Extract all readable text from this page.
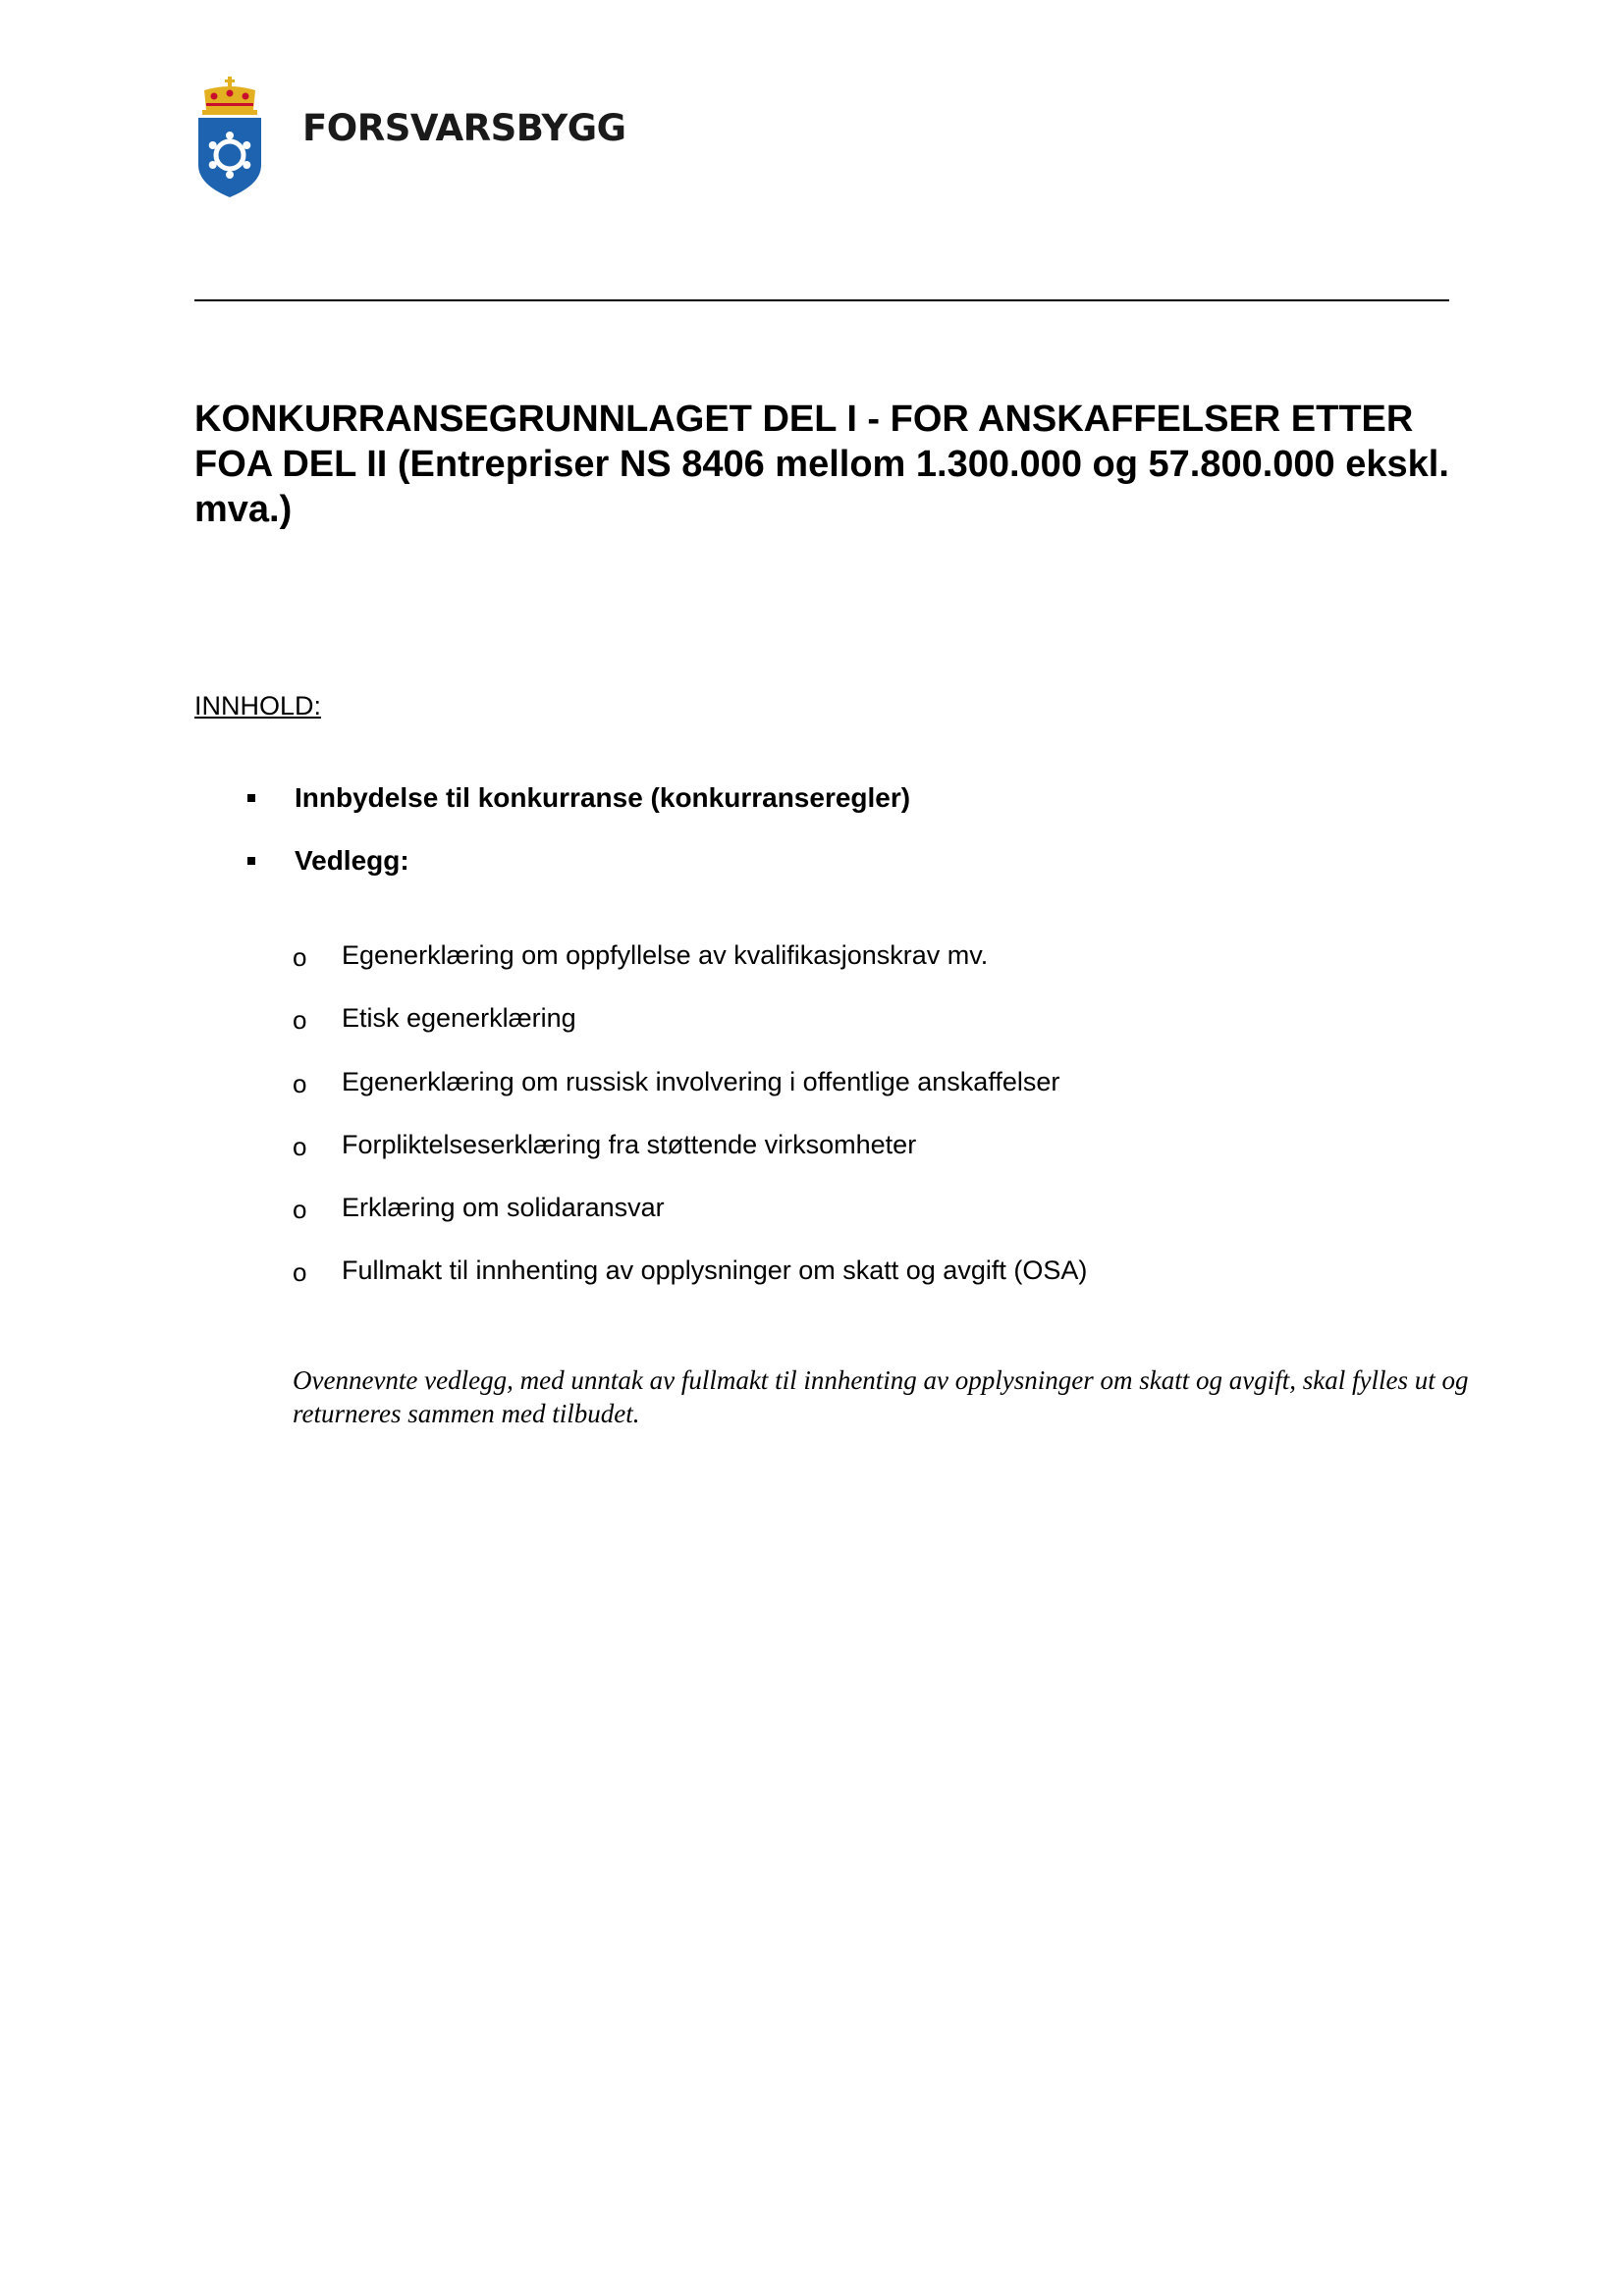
FORSVARSBYGG
KONKURRANSEGRUNNLAGET DEL I - FOR ANSKAFFELSER ETTER FOA DEL II (Entrepriser NS 8406 mellom 1.300.000 og 57.800.000 ekskl. mva.)
INNHOLD:
Innbydelse til konkurranse (konkurranseregler)
Vedlegg:
o Egenerklæring om oppfyllelse av kvalifikasjonskrav mv.
o Etisk egenerklæring
o Egenerklæring om russisk involvering i offentlige anskaffelser
o Forpliktelseserklæring fra støttende virksomheter
o Erklæring om solidaransvar
o Fullmakt til innhenting av opplysninger om skatt og avgift (OSA)

Ovennevnte vedlegg, med unntak av fullmakt til innhenting av opplysninger om skatt og avgift, skal fylles ut og returneres sammen med tilbudet.
